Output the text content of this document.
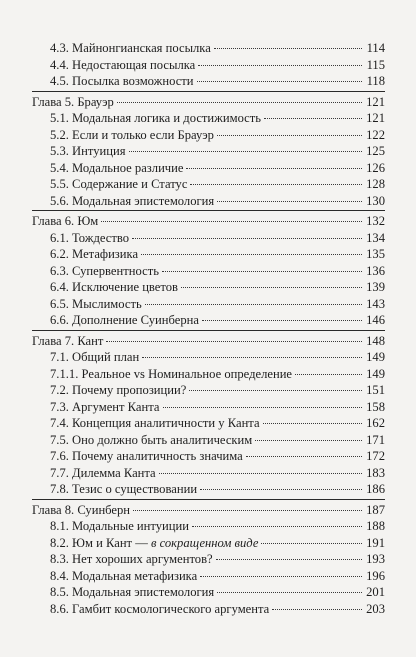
4.3. Майнонгианская посылка	114
4.4. Недостающая посылка	115
4.5. Посылка возможности	118
Глава 5. Брауэр	121
5.1. Модальная логика и достижимость	121
5.2. Если и только если Брауэр	122
5.3. Интуиция	125
5.4. Модальное различие	126
5.5. Содержание и Статус	128
5.6. Модальная эпистемология	130
Глава 6. Юм	132
6.1. Тождество	134
6.2. Метафизика	135
6.3. Супервентность	136
6.4. Исключение цветов	139
6.5. Мыслимость	143
6.6. Дополнение Суинберна	146
Глава 7. Кант	148
7.1. Общий план	149
7.1.1. Реальное vs Номинальное определение	149
7.2. Почему пропозиции?	151
7.3. Аргумент Канта	158
7.4. Концепция аналитичности у Канта	162
7.5. Оно должно быть аналитическим	171
7.6. Почему аналитичность значима	172
7.7. Дилемма Канта	183
7.8. Тезис о существовании	186
Глава 8. Суинберн	187
8.1. Модальные интуиции	188
8.2. Юм и Кант — в сокращенном виде	191
8.3. Нет хороших аргументов?	193
8.4. Модальная метафизика	196
8.5. Модальная эпистемология	201
8.6. Гамбит космологического аргумента	203
